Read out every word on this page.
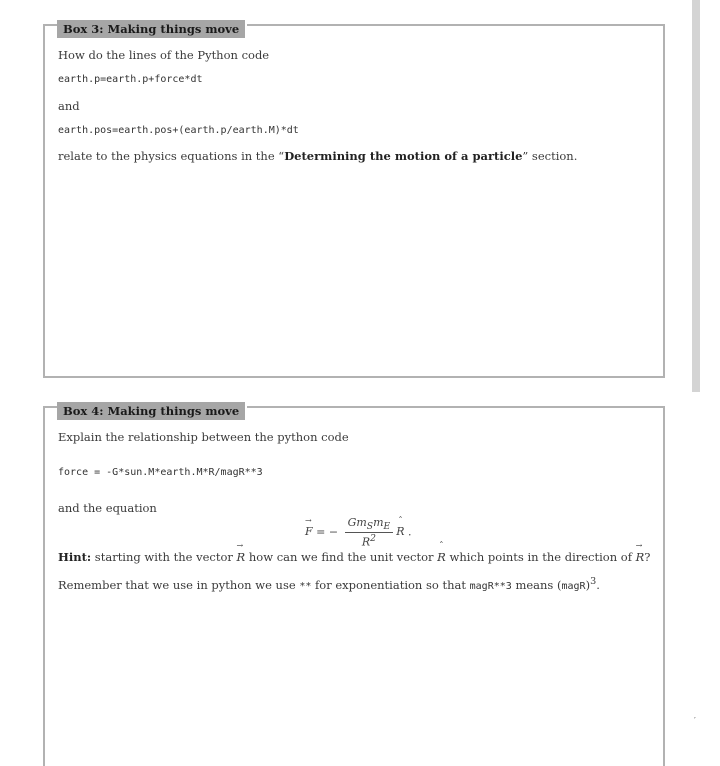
Box 3: Making things move
How do the lines of the Python code
earth.p=earth.p+force*dt
and
earth.pos=earth.pos+(earth.p/earth.M)*dt
relate to the physics equations in the “Determining the motion of a particle” section.
Box 4: Making things move
Explain the relationship between the python code
force = -G*sun.M*earth.M*R/magR**3
and the equation
→ F = − $\frac{Gm_Sm_E}{R^2}$
ˆ R .
Hint: starting with the vector → R how can we find the unit vector ˆ R which points in the direction of → R?
Remember that we use in python we use ** for exponentiation so that magR**3 means (magR)$^3$.
′
